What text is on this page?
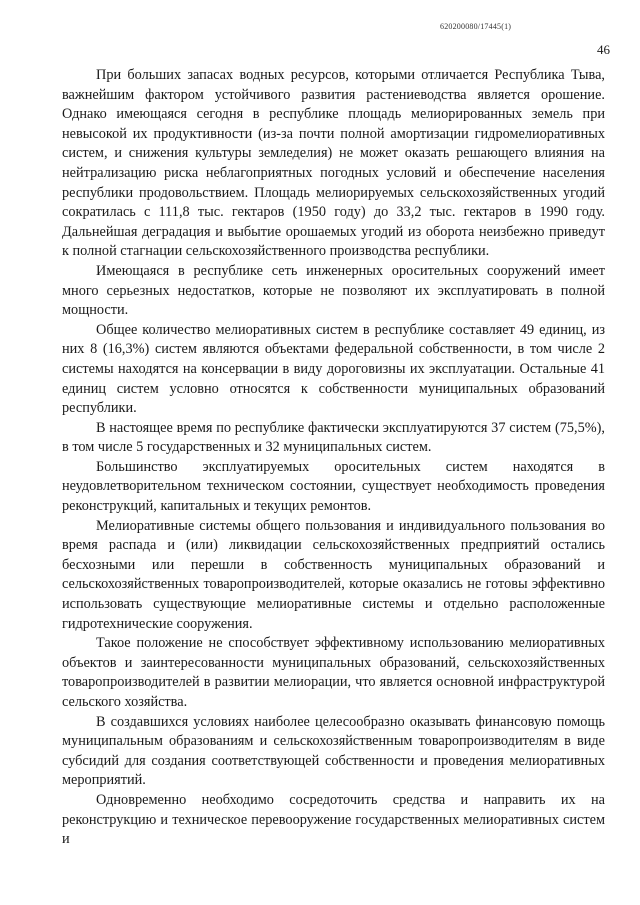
620200080/17445(1)
46

При больших запасах водных ресурсов, которыми отличается Республика Тыва, важнейшим фактором устойчивого развития растениеводства является орошение. Однако имеющаяся сегодня в республике площадь мелиорированных земель при невысокой их продуктивности (из-за почти полной амортизации гидромелиоративных систем, и снижения культуры земледелия) не может оказать решающего влияния на нейтрализацию риска неблагоприятных погодных условий и обеспечение населения республики продовольствием. Площадь мелиорируемых сельскохозяйственных угодий сократилась с 111,8 тыс. гектаров (1950 году) до 33,2 тыс. гектаров в 1990 году. Дальнейшая деградация и выбытие орошаемых угодий из оборота неизбежно приведут к полной стагнации сельскохозяйственного производства республики.

Имеющаяся в республике сеть инженерных оросительных сооружений имеет много серьезных недостатков, которые не позволяют их эксплуатировать в полной мощности.

Общее количество мелиоративных систем в республике составляет 49 единиц, из них 8 (16,3%) систем являются объектами федеральной собственности, в том числе 2 системы находятся на консервации в виду дороговизны их эксплуатации. Остальные 41 единиц систем условно относятся к собственности муниципальных образований республики.

В настоящее время по республике фактически эксплуатируются 37 систем (75,5%), в том числе 5 государственных и 32 муниципальных систем.

Большинство эксплуатируемых оросительных систем находятся в неудовлетворительном техническом состоянии, существует необходимость проведения реконструкций, капитальных и текущих ремонтов.

Мелиоративные системы общего пользования и индивидуального пользования во время распада и (или) ликвидации сельскохозяйственных предприятий остались бесхозными или перешли в собственность муниципальных образований и сельскохозяйственных товаропроизводителей, которые оказались не готовы эффективно использовать существующие мелиоративные системы и отдельно расположенные гидротехнические сооружения.

Такое положение не способствует эффективному использованию мелиоративных объектов и заинтересованности муниципальных образований, сельскохозяйственных товаропроизводителей в развитии мелиорации, что является основной инфраструктурой сельского хозяйства.

В создавшихся условиях наиболее целесообразно оказывать финансовую помощь муниципальным образованиям и сельскохозяйственным товаропроизводителям в виде субсидий для создания соответствующей собственности и проведения мелиоративных мероприятий.

Одновременно необходимо сосредоточить средства и направить их на реконструкцию и техническое перевооружение государственных мелиоративных систем и
